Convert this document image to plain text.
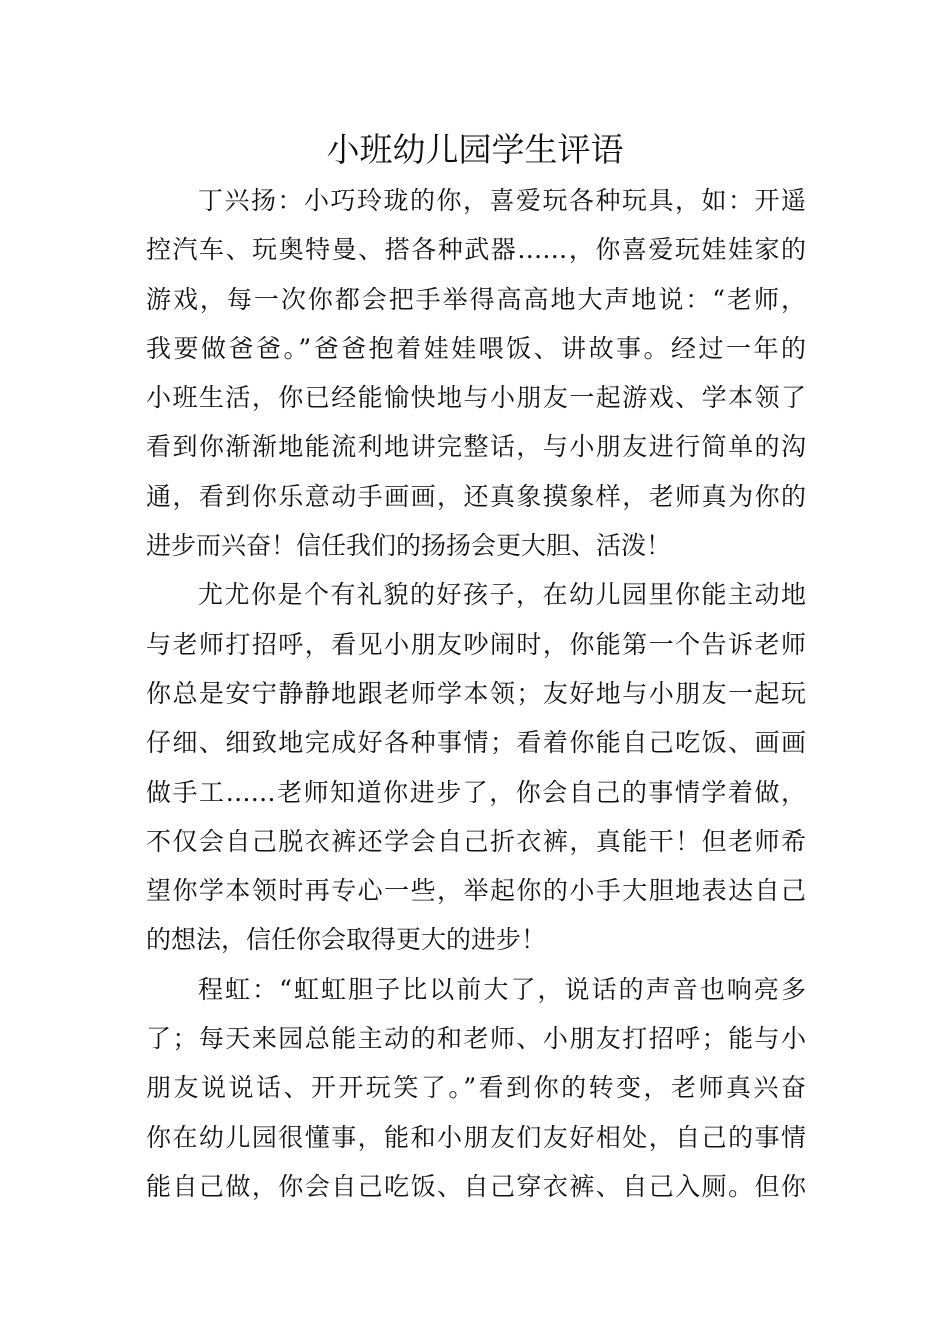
小班幼儿园学生评语
丁兴扬：小巧玲珑的你，喜爱玩各种玩具，如：开遥
控汽车、玩奥特曼、搭各种武器……，你喜爱玩娃娃家的
游戏，每一次你都会把手举得高高地大声地说：“老师，
我要做爸爸。”爸爸抱着娃娃喂饭、讲故事。经过一年的
小班生活，你已经能愉快地与小朋友一起游戏、学本领了
看到你渐渐地能流利地讲完整话，与小朋友进行简单的沟
通，看到你乐意动手画画，还真象摸象样，老师真为你的
进步而兴奋！信任我们的扬扬会更大胆、活泼！
尤尤你是个有礼貌的好孩子，在幼儿园里你能主动地
与老师打招呼，看见小朋友吵闹时，你能第一个告诉老师
你总是安宁静静地跟老师学本领；友好地与小朋友一起玩
仔细、细致地完成好各种事情；看着你能自己吃饭、画画
做手工……老师知道你进步了，你会自己的事情学着做，
不仅会自己脱衣裤还学会自己折衣裤，真能干！但老师希
望你学本领时再专心一些，举起你的小手大胆地表达自己
的想法，信任你会取得更大的进步！
程虹：“虹虹胆子比以前大了，说话的声音也响亮多
了；每天来园总能主动的和老师、小朋友打招呼；能与小
朋友说说话、开开玩笑了。”看到你的转变，老师真兴奋
你在幼儿园很懂事，能和小朋友们友好相处，自己的事情
能自己做，你会自己吃饭、自己穿衣裤、自己入厕。但你
